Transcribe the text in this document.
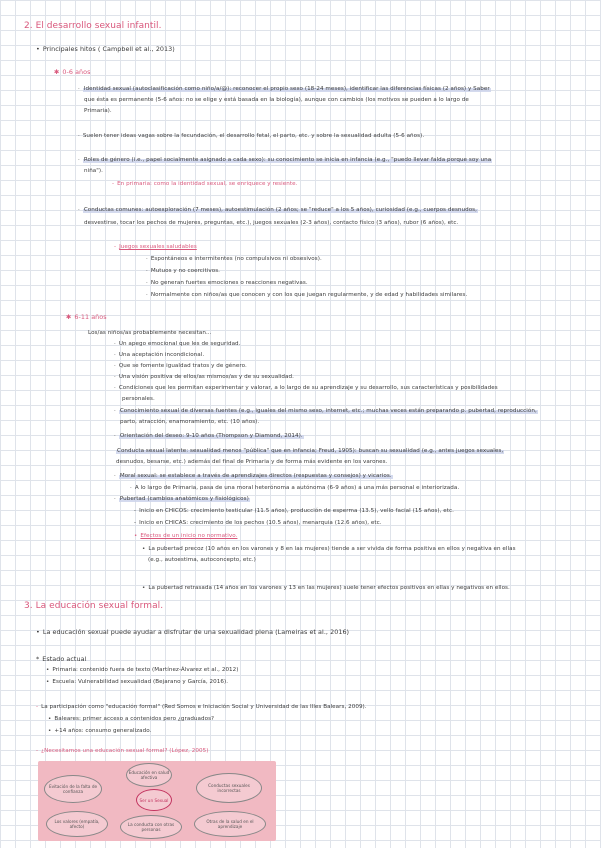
2. El desarrollo sexual infantil.
• Principales hitos ( Campbell et al., 2013)
✱ 0-6 años
· Identidad sexual (autoclasificación como niño/a/@): reconocer el propio sexo (18-24 meses), identificar las diferencias físicas (2 años) y Saber
que ésta es permanente (5-6 años: no se elige y está basada en la biología), aunque con cambios (los motivos se pueden a lo largo de
Primaria).
· Suelen tener ideas vagas sobre la fecundación, el desarrollo fetal, el parto, etc. y sobre la sexualidad adulta (5-6 años).
· Roles de género (i.e., papel socialmente asignado a cada sexo): su conocimiento se inicia en infancia (e.g., "puedo llevar falda porque soy una
niña").
- En primaria: como la identidad sexual, se enriquece y resiente.
· Conductas comunes: autoexploración (7 meses), autoestimulación (2 años; se "reduce" a los 5 años), curiosidad (e.g., cuerpos desnudos,
desvestirse, tocar los pechos de mujeres, preguntas, etc.), juegos sexuales (2-3 años), contacto físico (3 años), rubor (6 años), etc.
- Juegos sexuales saludables
· Espontáneos e intermitentes (no compulsivos ni obsesivos).
· Mutuos y no coercitivos.
· No generan fuertes emociones o reacciones negativas.
· Normalmente con niños/as que conocen y con los que juegan regularmente, y de edad y habilidades similares.
✱ 6-11 años
Los/as niños/as probablemente necesitan...
· Un apego emocional que les de seguridad.
· Una aceptación incondicional.
· Que se fomente igualdad tratos y de género.
· Una visión positiva de ellos/as mismos/as y de su sexualidad.
· Condiciones que les permitan experimentar y valorar, a lo largo de su aprendizaje y su desarrollo, sus características y posibilidades
personales.
· Conocimiento sexual de diversas fuentes (e.g., iguales del mismo sexo, internet, etc.; muchas veces están preparando p. pubertad, reproducción,
parto, atracción, enamoramiento, etc. (10 años).
· Orientación del deseo: 9-10 años (Thompson y Diamond, 2014).
Conducta sexual latente: sexualidad menos "pública" que en infancia; Freud, 1905): buscan su sexualidad (e.g., antes juegos sexuales,
desnudos, besarse, etc.) además del final de Primaria y de forma más evidente en los varones.
· Moral sexual: se establece a través de aprendizajes directos (respuestas y consejos) y vicarios.
· A lo largo de Primaria, pasa de una moral heterónoma a autónoma (6-9 años) a una más personal e interiorizada.
· Pubertad (cambios anatómicos y fisiológicos)
- Inicio en CHICOS: crecimiento testicular (11.5 años), producción de esperma (13.5), vello facial (15 años), etc.
- Inicio en CHICAS: crecimiento de los pechos (10.5 años), menarquia (12.6 años), etc.
• Efectos de un inicio no normativo.
• La pubertad precoz (10 años en los varones y 8 en las mujeres) tiende a ser vivida de forma positiva en ellos y negativa en ellas
(e.g., autoestima, autoconcepto, etc.)
• La pubertad retrasada (14 años en los varones y 13 en las mujeres) suele tener efectos positivos en ellas y negativos en ellos.
3. La educación sexual formal.
• La educación sexual puede ayudar a disfrutar de una sexualidad plena (Lameiras et al., 2016)
* Estado actual
• Primaria: contenido fuera de texto (Martínez-Álvarez et al., 2012)
• Escuela: Vulnerabilidad sexualidad (Bejarano y García, 2016).
- La participación como "educación formal" (Red Somos e Iniciación Social y Universidad de las Illes Balears, 2009).
• Baleares: primer acceso a contenidos pero ¿graduados?
• +14 años: consumo generalizado.
- ¿Necesitamos una educación sexual formal? (López, 2005)
Educación en salud afectiva
Evitación de la falta de confianza
Ser un Sexual
Conductas sexuales incorrectas
Los valores (empatía, afecto)	La conducta con otras personas
Otras de la salud en el aprendizaje
